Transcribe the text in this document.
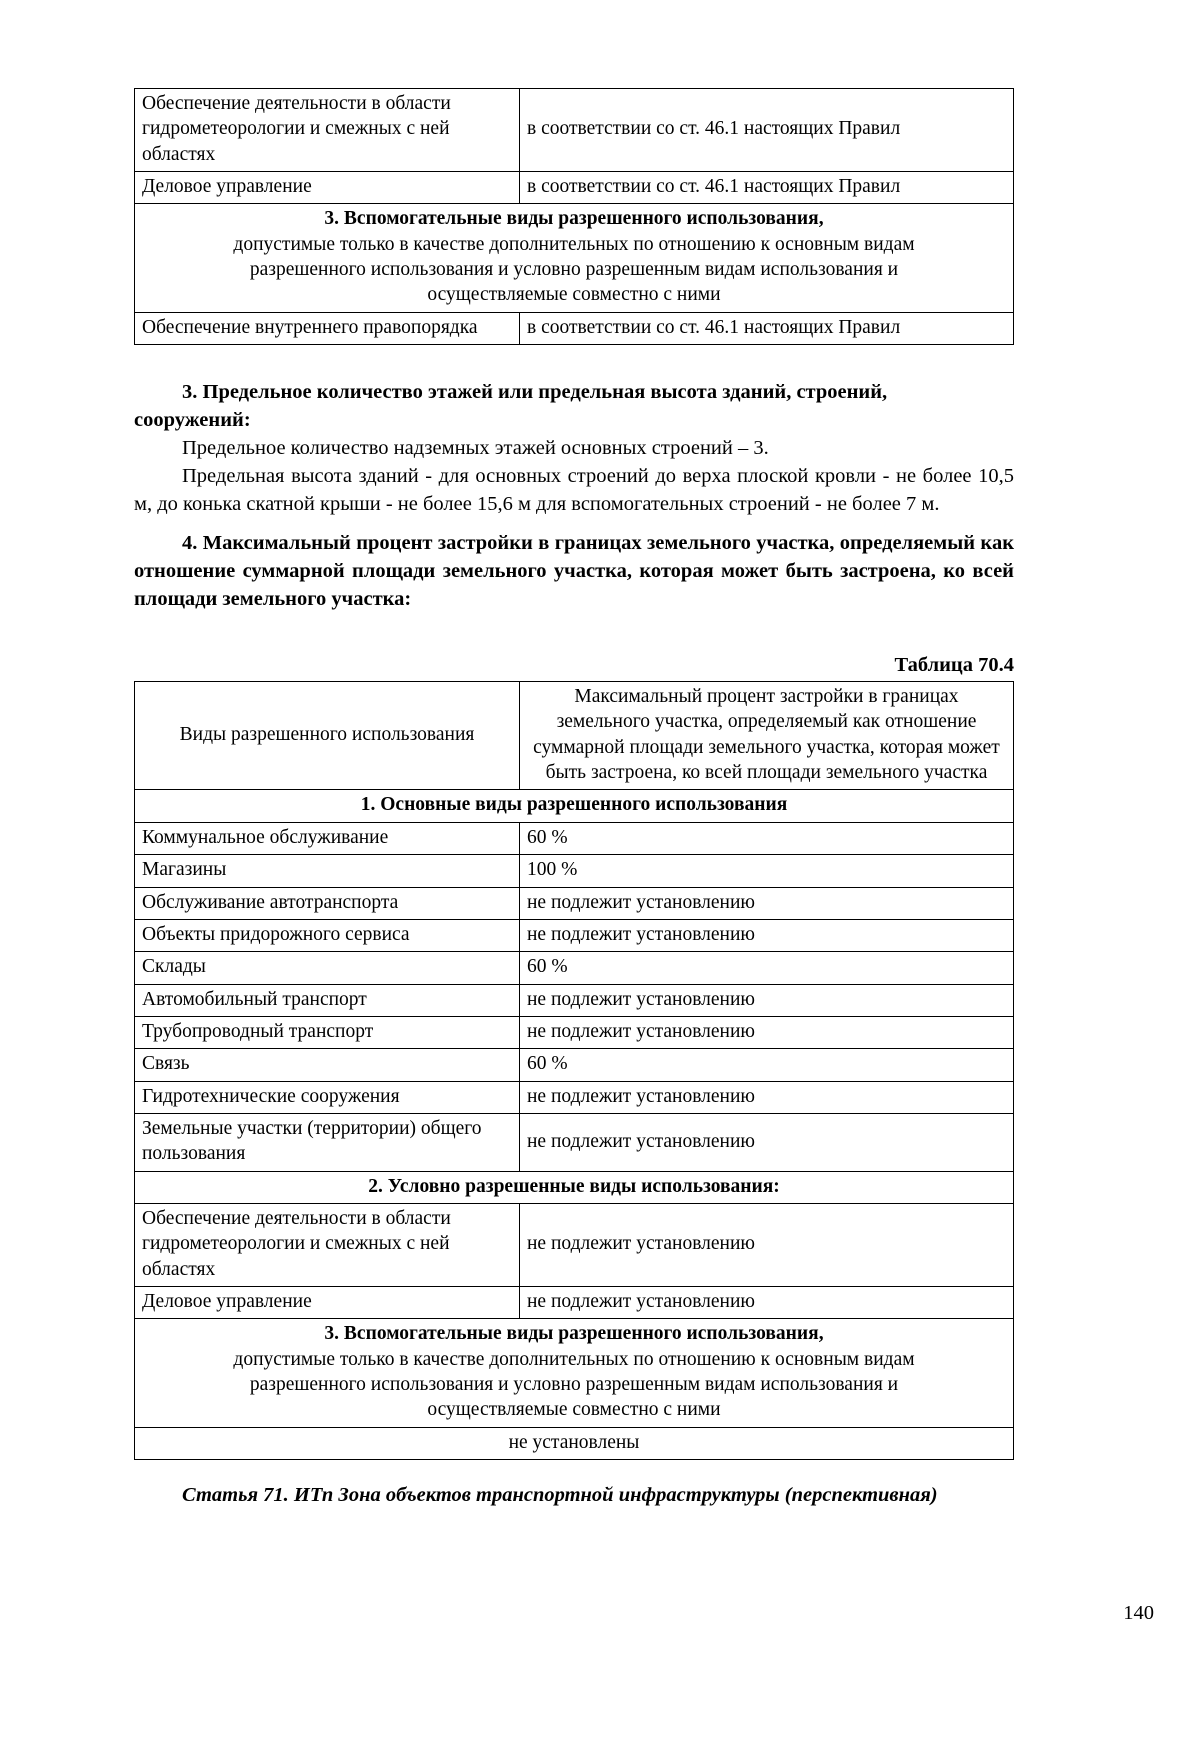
Обеспечение деятельности в области гидрометеорологии и смежных с ней областях	в соответствии со ст. 46.1 настоящих Правил
Деловое управление	в соответствии со ст. 46.1 настоящих Правил

3. Вспомогательные виды разрешенного использования,
допустимые только в качестве дополнительных по отношению к основным видам
разрешенного использования и условно разрешенным видам использования и
осуществляемые совместно с ними	

Обеспечение внутреннего правопорядка	в соответствии со ст. 46.1 настоящих Правил

3. Предельное количество этажей или предельная высота зданий, строений,

сооружений:

Предельное количество надземных этажей основных строений – 3.

Предельная высота зданий - для основных строений до верха плоской кровли - не более 10,5 м, до конька скатной крыши - не более 15,6 м для вспомогательных строений - не более 7 м.

4. Максимальный процент застройки в границах земельного участка, определяемый как отношение суммарной площади земельного участка, которая может быть застроена, ко всей площади земельного участка:

Таблица 70.4

Виды разрешенного использования	Максимальный процент застройки в границах земельного участка, определяемый как отношение суммарной площади земельного участка, которая может быть застроена, ко всей площади земельного участка
1. Основные виды разрешенного использования	
Коммунальное обслуживание	60 %
Магазины	100 %
Обслуживание автотранспорта	не подлежит установлению
Объекты придорожного сервиса	не подлежит установлению
Склады	60 %
Автомобильный транспорт	не подлежит установлению
Трубопроводный транспорт	не подлежит установлению
Связь	60 %
Гидротехнические сооружения	не подлежит установлению
Земельные участки (территории) общего пользования	не подлежит установлению
2. Условно разрешенные виды использования:	
Обеспечение деятельности в области гидрометеорологии и смежных с ней областях	не подлежит установлению
Деловое управление	не подлежит установлению

3. Вспомогательные виды разрешенного использования,
допустимые только в качестве дополнительных по отношению к основным видам
разрешенного использования и условно разрешенным видам использования и
осуществляемые совместно с ними	

не установлены	

Статья 71. ИТп Зона объектов транспортной инфраструктуры (перспективная)

140
